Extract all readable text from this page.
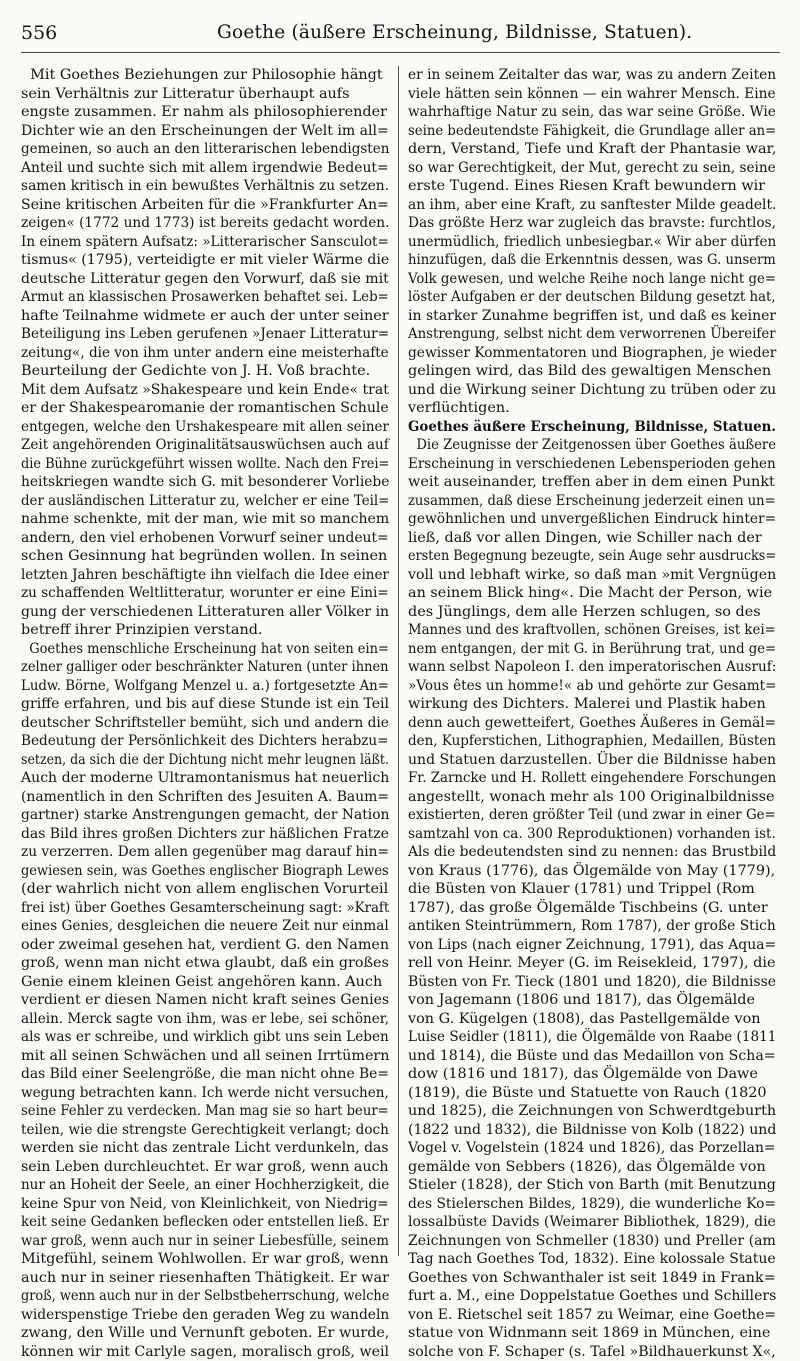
556	Goethe (äußere Erscheinung, Bildnisse, Statuen).
Mit Goethes Beziehungen zur Philosophie hängt
sein Verhältnis zur Litteratur überhaupt aufs
engste zusammen. Er nahm als philosophierender
Dichter wie an den Erscheinungen der Welt im all=
gemeinen, so auch an den litterarischen lebendigsten
Anteil und suchte sich mit allem irgendwie Bedeut=
samen kritisch in ein bewußtes Verhältnis zu setzen.
Seine kritischen Arbeiten für die »Frankfurter An=
zeigen« (1772 und 1773) ist bereits gedacht worden.
In einem spätern Aufsatz: »Litterarischer Sansculot=
tismus« (1795), verteidigte er mit vieler Wärme die
deutsche Litteratur gegen den Vorwurf, daß sie mit
Armut an klassischen Prosawerken behaftet sei. Leb=
hafte Teilnahme widmete er auch der unter seiner
Beteiligung ins Leben gerufenen »Jenaer Litteratur=
zeitung«, die von ihm unter andern eine meisterhafte
Beurteilung der Gedichte von J. H. Voß brachte.
Mit dem Aufsatz »Shakespeare und kein Ende« trat
er der Shakespearomanie der romantischen Schule
entgegen, welche den Urshakespeare mit allen seiner
Zeit angehörenden Originalitätsauswüchsen auch auf
die Bühne zurückgeführt wissen wollte. Nach den Frei=
heitskriegen wandte sich G. mit besonderer Vorliebe
der ausländischen Litteratur zu, welcher er eine Teil=
nahme schenkte, mit der man, wie mit so manchem
andern, den viel erhobenen Vorwurf seiner undeut=
schen Gesinnung hat begründen wollen. In seinen
letzten Jahren beschäftigte ihn vielfach die Idee einer
zu schaffenden Weltlitteratur, worunter er eine Eini=
gung der verschiedenen Litteraturen aller Völker in
betreff ihrer Prinzipien verstand.
Goethes menschliche Erscheinung hat von seiten ein=
zelner galliger oder beschränkter Naturen (unter ihnen
Ludw. Börne, Wolfgang Menzel u. a.) fortgesetzte An=
griffe erfahren, und bis auf diese Stunde ist ein Teil
deutscher Schriftsteller bemüht, sich und andern die
Bedeutung der Persönlichkeit des Dichters herabzu=
setzen, da sich die der Dichtung nicht mehr leugnen läßt.
Auch der moderne Ultramontanismus hat neuerlich
(namentlich in den Schriften des Jesuiten A. Baum=
gartner) starke Anstrengungen gemacht, der Nation
das Bild ihres großen Dichters zur häßlichen Fratze
zu verzerren. Dem allen gegenüber mag darauf hin=
gewiesen sein, was Goethes englischer Biograph Lewes
(der wahrlich nicht von allem englischen Vorurteil
frei ist) über Goethes Gesamterscheinung sagt: »Kraft
eines Genies, desgleichen die neuere Zeit nur einmal
oder zweimal gesehen hat, verdient G. den Namen
groß, wenn man nicht etwa glaubt, daß ein großes
Genie einem kleinen Geist angehören kann. Auch
verdient er diesen Namen nicht kraft seines Genies
allein. Merck sagte von ihm, was er lebe, sei schöner,
als was er schreibe, und wirklich gibt uns sein Leben
mit all seinen Schwächen und all seinen Irrtümern
das Bild einer Seelengröße, die man nicht ohne Be=
wegung betrachten kann. Ich werde nicht versuchen,
seine Fehler zu verdecken. Man mag sie so hart beur=
teilen, wie die strengste Gerechtigkeit verlangt; doch
werden sie nicht das zentrale Licht verdunkeln, das
sein Leben durchleuchtet. Er war groß, wenn auch
nur an Hoheit der Seele, an einer Hochherzigkeit, die
keine Spur von Neid, von Kleinlichkeit, von Niedrig=
keit seine Gedanken beflecken oder entstellen ließ. Er
war groß, wenn auch nur in seiner Liebesfülle, seinem
Mitgefühl, seinem Wohlwollen. Er war groß, wenn
auch nur in seiner riesenhaften Thätigkeit. Er war
groß, wenn auch nur in der Selbstbeherrschung, welche
widerspenstige Triebe den geraden Weg zu wandeln
zwang, den Wille und Vernunft geboten. Er wurde,
können wir mit Carlyle sagen, moralisch groß, weil
er in seinem Zeitalter das war, was zu andern Zeiten
viele hätten sein können — ein wahrer Mensch. Eine
wahrhaftige Natur zu sein, das war seine Größe. Wie
seine bedeutendste Fähigkeit, die Grundlage aller an=
dern, Verstand, Tiefe und Kraft der Phantasie war,
so war Gerechtigkeit, der Mut, gerecht zu sein, seine
erste Tugend. Eines Riesen Kraft bewundern wir
an ihm, aber eine Kraft, zu sanftester Milde geadelt.
Das größte Herz war zugleich das bravste: furchtlos,
unermüdlich, friedlich unbesiegbar.« Wir aber dürfen
hinzufügen, daß die Erkenntnis dessen, was G. unserm
Volk gewesen, und welche Reihe noch lange nicht ge=
löster Aufgaben er der deutschen Bildung gesetzt hat,
in starker Zunahme begriffen ist, und daß es keiner
Anstrengung, selbst nicht dem verworrenen Übereifer
gewisser Kommentatoren und Biographen, je wieder
gelingen wird, das Bild des gewaltigen Menschen
und die Wirkung seiner Dichtung zu trüben oder zu
verflüchtigen.
Goethes äußere Erscheinung, Bildnisse, Statuen.
Die Zeugnisse der Zeitgenossen über Goethes äußere
Erscheinung in verschiedenen Lebensperioden gehen
weit auseinander, treffen aber in dem einen Punkt
zusammen, daß diese Erscheinung jederzeit einen un=
gewöhnlichen und unvergeßlichen Eindruck hinter=
ließ, daß vor allen Dingen, wie Schiller nach der
ersten Begegnung bezeugte, sein Auge sehr ausdrucks=
voll und lebhaft wirke, so daß man »mit Vergnügen
an seinem Blick hing«. Die Macht der Person, wie
des Jünglings, dem alle Herzen schlugen, so des
Mannes und des kraftvollen, schönen Greises, ist kei=
nem entgangen, der mit G. in Berührung trat, und ge=
wann selbst Napoleon I. den imperatorischen Ausruf:
»Vous êtes un homme!« ab und gehörte zur Gesamt=
wirkung des Dichters. Malerei und Plastik haben
denn auch gewetteifert, Goethes Äußeres in Gemäl=
den, Kupferstichen, Lithographien, Medaillen, Büsten
und Statuen darzustellen. Über die Bildnisse haben
Fr. Zarncke und H. Rollett eingehendere Forschungen
angestellt, wonach mehr als 100 Originalbildnisse
existierten, deren größter Teil (und zwar in einer Ge=
samtzahl von ca. 300 Reproduktionen) vorhanden ist.
Als die bedeutendsten sind zu nennen: das Brustbild
von Kraus (1776), das Ölgemälde von May (1779),
die Büsten von Klauer (1781) und Trippel (Rom
1787), das große Ölgemälde Tischbeins (G. unter
antiken Steintrümmern, Rom 1787), der große Stich
von Lips (nach eigner Zeichnung, 1791), das Aqua=
rell von Heinr. Meyer (G. im Reisekleid, 1797), die
Büsten von Fr. Tieck (1801 und 1820), die Bildnisse
von Jagemann (1806 und 1817), das Ölgemälde
von G. Kügelgen (1808), das Pastellgemälde von
Luise Seidler (1811), die Ölgemälde von Raabe (1811
und 1814), die Büste und das Medaillon von Scha=
dow (1816 und 1817), das Ölgemälde von Dawe
(1819), die Büste und Statuette von Rauch (1820
und 1825), die Zeichnungen von Schwerdtgeburth
(1822 und 1832), die Bildnisse von Kolb (1822) und
Vogel v. Vogelstein (1824 und 1826), das Porzellan=
gemälde von Sebbers (1826), das Ölgemälde von
Stieler (1828), der Stich von Barth (mit Benutzung
des Stielerschen Bildes, 1829), die wunderliche Ko=
lossalbüste Davids (Weimarer Bibliothek, 1829), die
Zeichnungen von Schmeller (1830) und Preller (am
Tag nach Goethes Tod, 1832). Eine kolossale Statue
Goethes von Schwanthaler ist seit 1849 in Frank=
furt a. M., eine Doppelstatue Goethes und Schillers
von E. Rietschel seit 1857 zu Weimar, eine Goethe=
statue von Widnmann seit 1869 in München, eine
solche von F. Schaper (s. Tafel »Bildhauerkunst X«,
